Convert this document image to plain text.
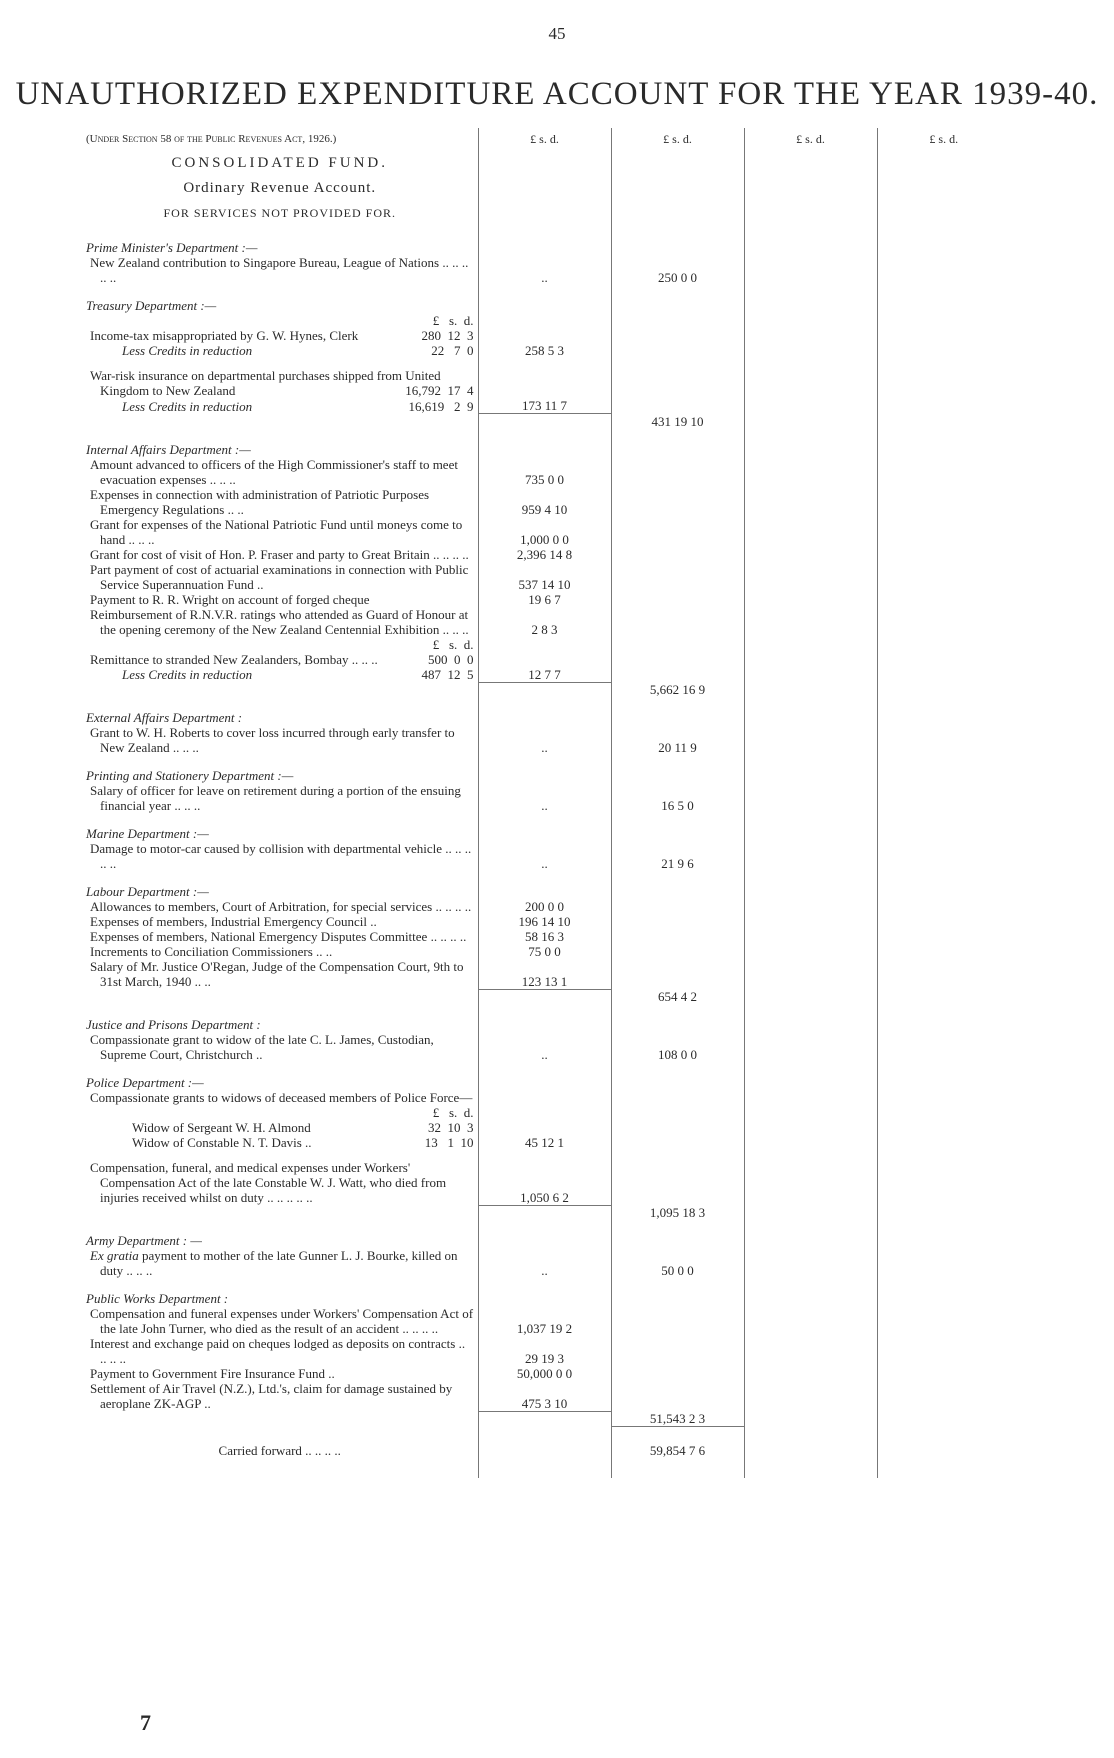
45
UNAUTHORIZED EXPENDITURE ACCOUNT FOR THE YEAR 1939-40.
(Under Section 58 of the Public Revenues Act, 1926.)	£ s. d.	£ s. d.	£ s. d.	£ s. d.
CONSOLIDATED FUND.				
Ordinary Revenue Account.				
FOR SERVICES NOT PROVIDED FOR.				
Prime Minister's Department :—				
New Zealand contribution to Singapore Bureau, League of Nations .. .. .. .. ..	..	250 0 0		
Treasury Department :—				
£   s.  d.				
Income-tax misappropriated by G. W. Hynes, Clerk 280  12  3				

Less Credits in reduction 22   7  0	258 5 3			
War-risk insurance on departmental purchases shipped from United Kingdom to New Zealand 16,792  17  4				

Less Credits in reduction 16,619   2  9	173 11 7			
		431 19 10		
Internal Affairs Department :—				
Amount advanced to officers of the High Commissioner's staff to meet evacuation expenses .. .. ..	735 0 0			
Expenses in connection with administration of Patriotic Purposes Emergency Regulations .. ..	959 4 10			
Grant for expenses of the National Patriotic Fund until moneys come to hand .. .. ..	1,000 0 0			
Grant for cost of visit of Hon. P. Fraser and party to Great Britain .. .. .. ..	2,396 14 8			
Part payment of cost of actuarial examinations in connection with Public Service Superannuation Fund ..	537 14 10			
Payment to R. R. Wright on account of forged cheque	19 6 7			
Reimbursement of R.N.V.R. ratings who attended as Guard of Honour at the opening ceremony of the New Zealand Centennial Exhibition .. .. ..	2 8 3			
£   s.  d.				
Remittance to stranded New Zealanders, Bombay .. .. .. 500  0  0				

Less Credits in reduction 487  12  5	12 7 7			
		5,662 16 9		
External Affairs Department :				
Grant to W. H. Roberts to cover loss incurred through early transfer to New Zealand .. .. ..	..	20 11 9		
Printing and Stationery Department :—				
Salary of officer for leave on retirement during a portion of the ensuing financial year .. .. ..	..	16 5 0		
Marine Department :—				
Damage to motor-car caused by collision with departmental vehicle .. .. .. .. ..	..	21 9 6		
Labour Department :—				
Allowances to members, Court of Arbitration, for special services .. .. .. ..	200 0 0			
Expenses of members, Industrial Emergency Council ..	196 14 10			
Expenses of members, National Emergency Disputes Committee .. .. .. ..	58 16 3			
Increments to Conciliation Commissioners .. ..	75 0 0			
Salary of Mr. Justice O'Regan, Judge of the Compensation Court, 9th to 31st March, 1940 .. ..	123 13 1			
		654 4 2		
Justice and Prisons Department :				
Compassionate grant to widow of the late C. L. James, Custodian, Supreme Court, Christchurch ..	..	108 0 0		
Police Department :—				
Compassionate grants to widows of deceased members of Police Force—				
£   s.  d.				
Widow of Sergeant W. H. Almond 32  10  3				

Widow of Constable N. T. Davis .. 13   1  10	45 12 1			
Compensation, funeral, and medical expenses under Workers' Compensation Act of the late Constable W. J. Watt, who died from injuries received whilst on duty .. .. .. .. ..	1,050 6 2			
		1,095 18 3		
Army Department : —				
Ex gratia payment to mother of the late Gunner L. J. Bourke, killed on duty .. .. ..	..	50 0 0		
Public Works Department :				
Compensation and funeral expenses under Workers' Compensation Act of the late John Turner, who died as the result of an accident .. .. .. ..	1,037 19 2			
Interest and exchange paid on cheques lodged as deposits on contracts .. .. .. ..	29 19 3			
Payment to Government Fire Insurance Fund ..	50,000 0 0			
Settlement of Air Travel (N.Z.), Ltd.'s, claim for damage sustained by aeroplane ZK-AGP ..	475 3 10			
		51,543 2 3		
Carried forward .. .. .. ..		59,854 7 6		
7
